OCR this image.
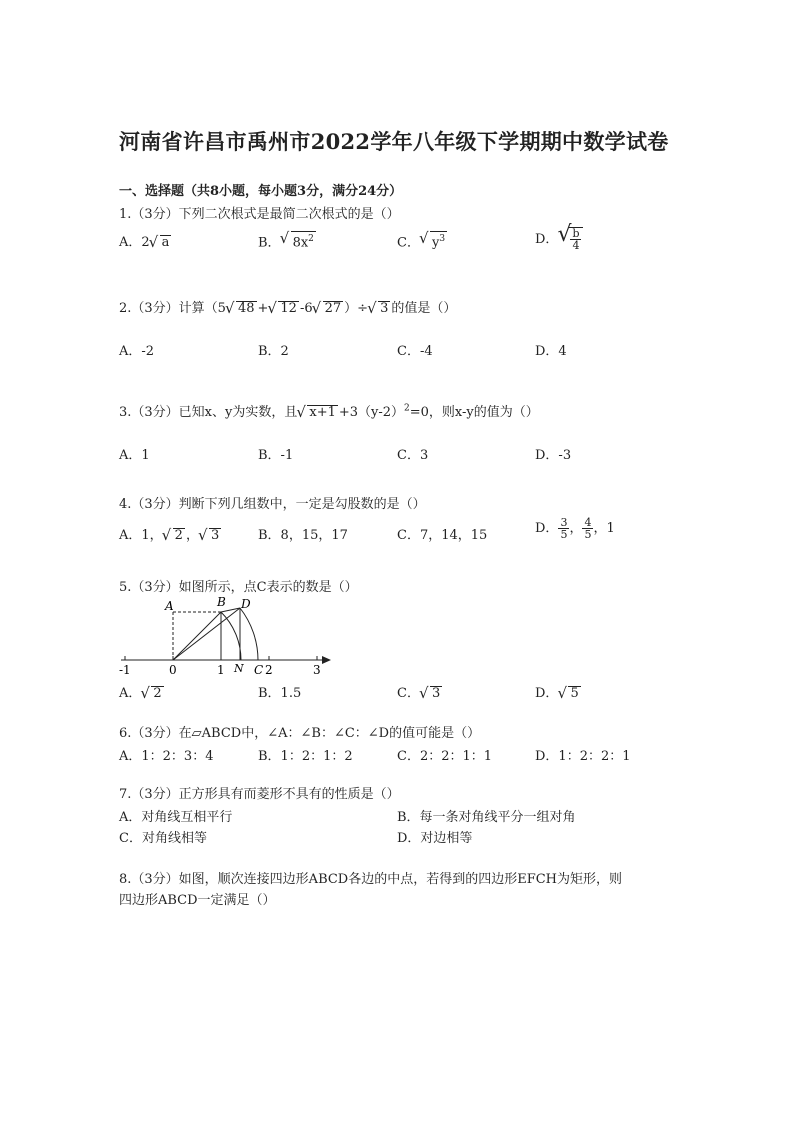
河南省许昌市禹州市2022学年八年级下学期期中数学试卷
一、选择题（共8小题，每小题3分，满分24分）
1.（3分）下列二次根式是最简二次根式的是（）
A．2 √ a	B． √ $8x^2$	C． √ $y^3$	D． √ $\frac{b}{4}$
2.（3分）计算（5 √ 48 + √ 12 -6 √ 27 ）÷ √ 3 的值是（）
A．-2	B．2	C．-4	D．4
3.（3分）已知x、y为实数，且 √ $x+1 +3(y-2)^2=0$，则x-y的值为（）
A．1	B．-1	C．3	D．-3
4.（3分）判断下列几组数中，一定是勾股数的是（）
A．1， √ 2 ， √ 3	B．8，15，17	C．7，14，15	D． $\frac{3}{5}$ ， $\frac{4}{5}$ ，1
5.（3分）如图所示，点C表示的数是（）
A	B D
N C
-1	0	1	2	3
A． √ 2	B．1.5	C． √ 3	D． √ 5
6.（3分）在▱ABCD中，∠A：∠B：∠C：∠D的值可能是（）
A．1：2：3：4	B．1：2：1：2	C．2：2：1：1	D．1：2：2：1
7.（3分）正方形具有而菱形不具有的性质是（）
A．对角线互相平行	B．每一条对角线平分一组对角
C．对角线相等	D．对边相等
8.（3分）如图，顺次连接四边形ABCD各边的中点，若得到的四边形EFCH为矩形，则
四边形ABCD一定满足（）
